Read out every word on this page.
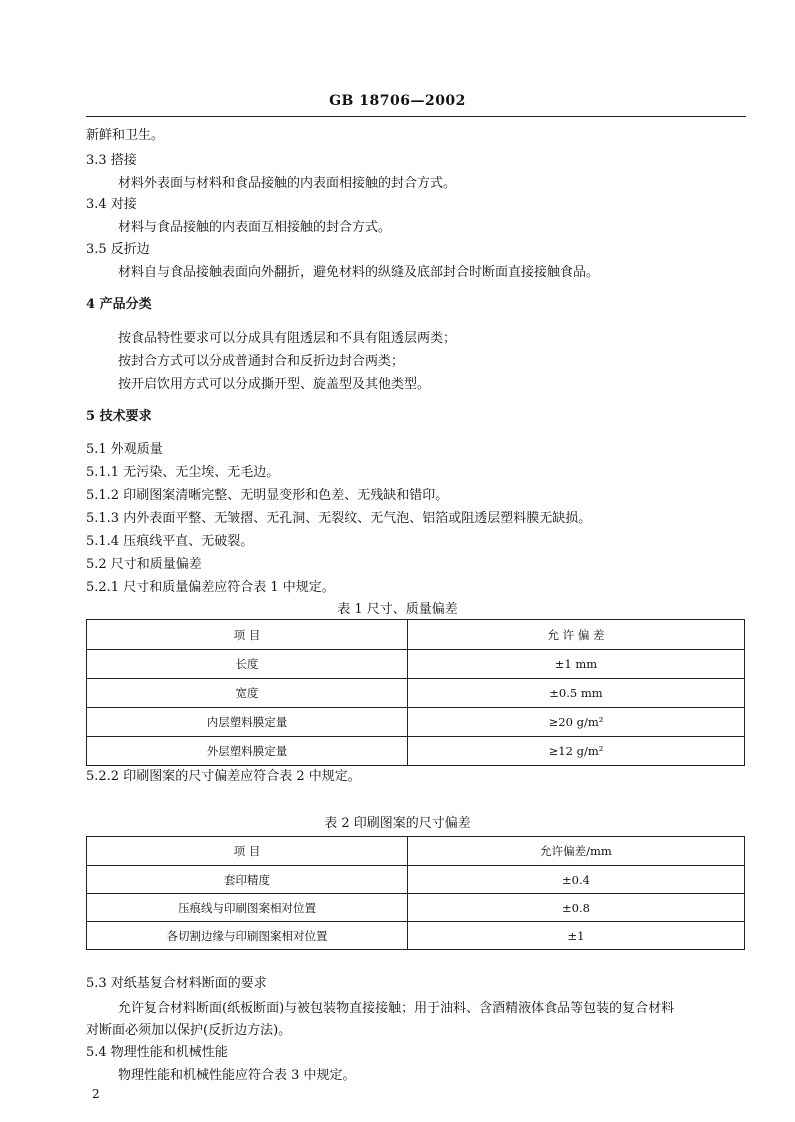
GB 18706—2002
新鲜和卫生。
3.3 搭接
材料外表面与材料和食品接触的内表面相接触的封合方式。
3.4 对接
材料与食品接触的内表面互相接触的封合方式。
3.5 反折边
材料自与食品接触表面向外翻折，避免材料的纵缝及底部封合时断面直接接触食品。
4 产品分类
按食品特性要求可以分成具有阻透层和不具有阻透层两类；
按封合方式可以分成普通封合和反折边封合两类；
按开启饮用方式可以分成撕开型、旋盖型及其他类型。
5 技术要求
5.1 外观质量
5.1.1 无污染、无尘埃、无毛边。
5.1.2 印刷图案清晰完整、无明显变形和色差、无残缺和错印。
5.1.3 内外表面平整、无皱摺、无孔洞、无裂纹、无气泡、铝箔或阻透层塑料膜无缺损。
5.1.4 压痕线平直、无破裂。
5.2 尺寸和质量偏差
5.2.1 尺寸和质量偏差应符合表 1 中规定。
表 1 尺寸、质量偏差
项 目	允 许 偏 差
长度	±1 mm
宽度	±0.5 mm
内层塑料膜定量	≥20 g/m²
外层塑料膜定量	≥12 g/m²
5.2.2 印刷图案的尺寸偏差应符合表 2 中规定。
表 2 印刷图案的尺寸偏差
项 目	允许偏差/mm
套印精度	±0.4
压痕线与印刷图案相对位置	±0.8
各切割边缘与印刷图案相对位置	±1
5.3 对纸基复合材料断面的要求
允许复合材料断面(纸板断面)与被包装物直接接触；用于油料、含酒精液体食品等包装的复合材料
对断面必须加以保护(反折边方法)。
5.4 物理性能和机械性能
物理性能和机械性能应符合表 3 中规定。
2
